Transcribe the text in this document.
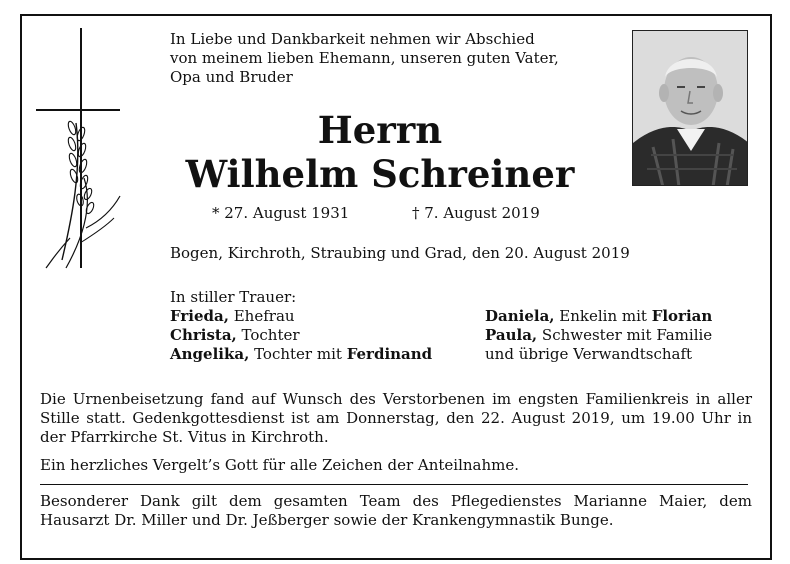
In Liebe und Dankbarkeit nehmen wir Abschied
von meinem lieben Ehemann, unseren guten Vater,
Opa und Bruder
Herrn
Wilhelm Schreiner
* 27. August 1931	† 7. August 2019
Bogen, Kirchroth, Straubing und Grad, den 20. August 2019
In stiller Trauer:
Frieda, Ehefrau
Christa, Tochter
Angelika, Tochter mit Ferdinand
Daniela, Enkelin mit Florian
Paula, Schwester mit Familie
und übrige Verwandtschaft
Die Urnenbeisetzung fand auf Wunsch des Verstorbenen im engsten Familienkreis in aller Stille statt. Gedenkgottesdienst ist am Donnerstag, den 22. August 2019, um 19.00 Uhr in der Pfarrkirche St. Vitus in Kirchroth.
Ein herzliches Vergelt’s Gott für alle Zeichen der Anteilnahme.
Besonderer Dank gilt dem gesamten Team des Pflegedienstes Marianne Maier, dem Hausarzt Dr. Miller und Dr. Jeßberger sowie der Krankengymnastik Bunge.
